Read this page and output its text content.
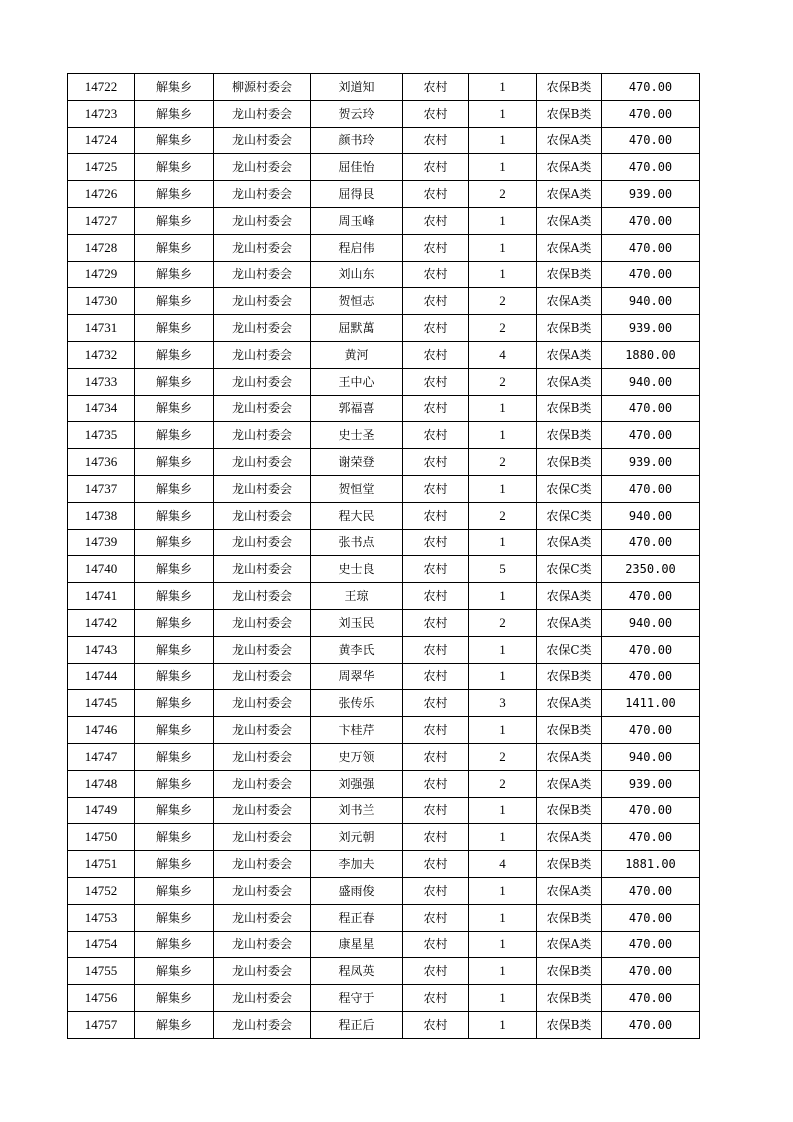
14722	解集乡	柳源村委会	刘道知	农村	1	农保B类	470.00
14723	解集乡	龙山村委会	贺云玲	农村	1	农保B类	470.00
14724	解集乡	龙山村委会	颜书玲	农村	1	农保A类	470.00
14725	解集乡	龙山村委会	屈佳怡	农村	1	农保A类	470.00
14726	解集乡	龙山村委会	屈得艮	农村	2	农保A类	939.00
14727	解集乡	龙山村委会	周玉峰	农村	1	农保A类	470.00
14728	解集乡	龙山村委会	程启伟	农村	1	农保A类	470.00
14729	解集乡	龙山村委会	刘山东	农村	1	农保B类	470.00
14730	解集乡	龙山村委会	贺恒志	农村	2	农保A类	940.00
14731	解集乡	龙山村委会	屈默萬	农村	2	农保B类	939.00
14732	解集乡	龙山村委会	黄河	农村	4	农保A类	1880.00
14733	解集乡	龙山村委会	王中心	农村	2	农保A类	940.00
14734	解集乡	龙山村委会	郭福喜	农村	1	农保B类	470.00
14735	解集乡	龙山村委会	史士圣	农村	1	农保B类	470.00
14736	解集乡	龙山村委会	谢荣登	农村	2	农保B类	939.00
14737	解集乡	龙山村委会	贺恒堂	农村	1	农保C类	470.00
14738	解集乡	龙山村委会	程大民	农村	2	农保C类	940.00
14739	解集乡	龙山村委会	张书点	农村	1	农保A类	470.00
14740	解集乡	龙山村委会	史士良	农村	5	农保C类	2350.00
14741	解集乡	龙山村委会	王琼	农村	1	农保A类	470.00
14742	解集乡	龙山村委会	刘玉民	农村	2	农保A类	940.00
14743	解集乡	龙山村委会	黄李氏	农村	1	农保C类	470.00
14744	解集乡	龙山村委会	周翠华	农村	1	农保B类	470.00
14745	解集乡	龙山村委会	张传乐	农村	3	农保A类	1411.00
14746	解集乡	龙山村委会	卞桂芹	农村	1	农保B类	470.00
14747	解集乡	龙山村委会	史万领	农村	2	农保A类	940.00
14748	解集乡	龙山村委会	刘强强	农村	2	农保A类	939.00
14749	解集乡	龙山村委会	刘书兰	农村	1	农保B类	470.00
14750	解集乡	龙山村委会	刘元朝	农村	1	农保A类	470.00
14751	解集乡	龙山村委会	李加夫	农村	4	农保B类	1881.00
14752	解集乡	龙山村委会	盛雨俊	农村	1	农保A类	470.00
14753	解集乡	龙山村委会	程正春	农村	1	农保B类	470.00
14754	解集乡	龙山村委会	康星星	农村	1	农保A类	470.00
14755	解集乡	龙山村委会	程凤英	农村	1	农保B类	470.00
14756	解集乡	龙山村委会	程守于	农村	1	农保B类	470.00
14757	解集乡	龙山村委会	程正后	农村	1	农保B类	470.00
